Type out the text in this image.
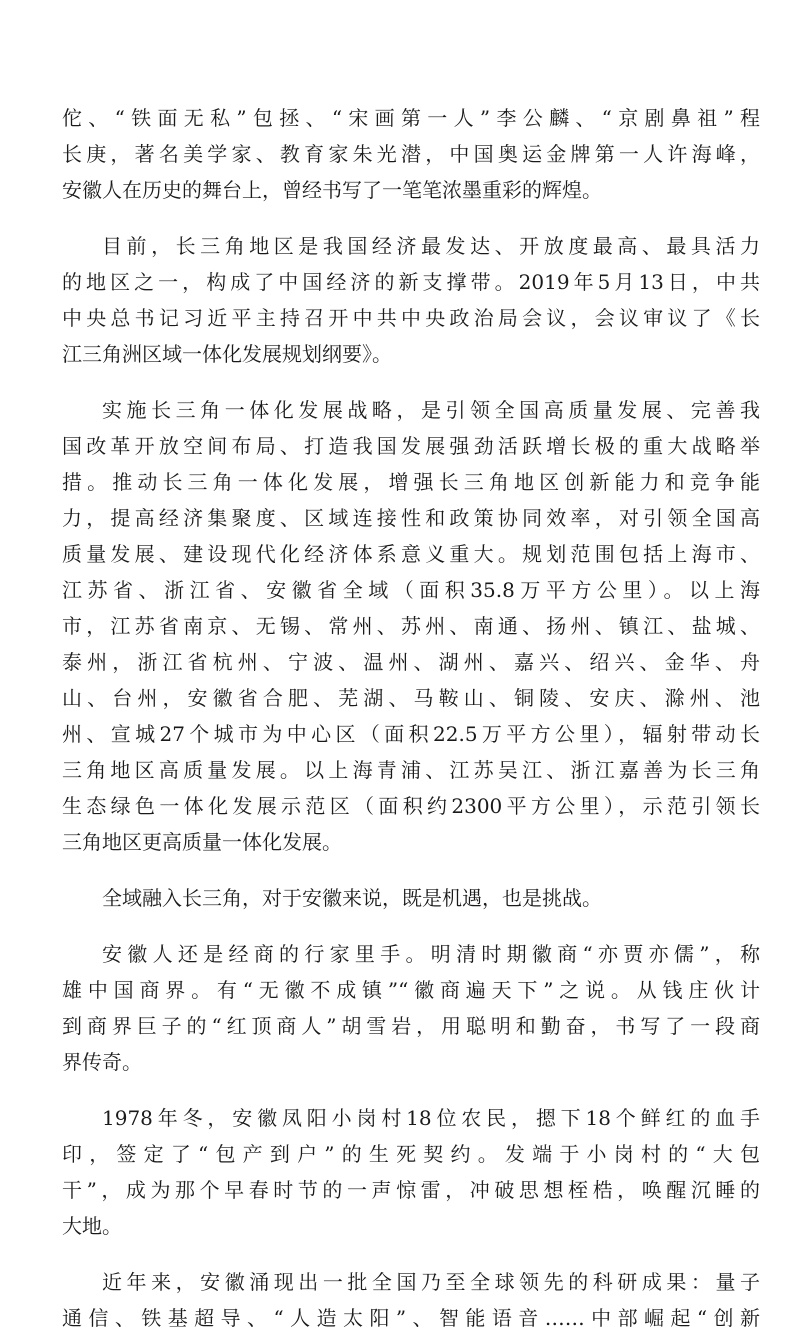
佗、“铁面无私”包拯、“宋画第一人”李公麟、“京剧鼻祖”程
长庚，著名美学家、教育家朱光潜，中国奥运金牌第一人许海峰，
安徽人在历史的舞台上，曾经书写了一笔笔浓墨重彩的辉煌。
目前，长三角地区是我国经济最发达、开放度最高、最具活力
的地区之一，构成了中国经济的新支撑带。2019年5月13日，中共
中央总书记习近平主持召开中共中央政治局会议，会议审议了《长
江三角洲区域一体化发展规划纲要》。
实施长三角一体化发展战略，是引领全国高质量发展、完善我
国改革开放空间布局、打造我国发展强劲活跃增长极的重大战略举
措。推动长三角一体化发展，增强长三角地区创新能力和竞争能
力，提高经济集聚度、区域连接性和政策协同效率，对引领全国高
质量发展、建设现代化经济体系意义重大。规划范围包括上海市、
江苏省、浙江省、安徽省全域（面积35.8万平方公里）。以上海
市，江苏省南京、无锡、常州、苏州、南通、扬州、镇江、盐城、
泰州，浙江省杭州、宁波、温州、湖州、嘉兴、绍兴、金华、舟
山、台州，安徽省合肥、芜湖、马鞍山、铜陵、安庆、滁州、池
州、宣城27个城市为中心区（面积22.5万平方公里），辐射带动长
三角地区高质量发展。以上海青浦、江苏吴江、浙江嘉善为长三角
生态绿色一体化发展示范区（面积约2300平方公里），示范引领长
三角地区更高质量一体化发展。
全域融入长三角，对于安徽来说，既是机遇，也是挑战。
安徽人还是经商的行家里手。明清时期徽商“亦贾亦儒”，称
雄中国商界。有“无徽不成镇”“徽商遍天下”之说。从钱庄伙计
到商界巨子的“红顶商人”胡雪岩，用聪明和勤奋，书写了一段商
界传奇。
1978年冬，安徽凤阳小岗村18位农民，摁下18个鲜红的血手
印，签定了“包产到户”的生死契约。发端于小岗村的“大包
干”，成为那个早春时节的一声惊雷，冲破思想桎梏，唤醒沉睡的
大地。
近年来，安徽涌现出一批全国乃至全球领先的科研成果：量子
通信、铁基超导、“人造太阳”、智能语音……中部崛起“创新
